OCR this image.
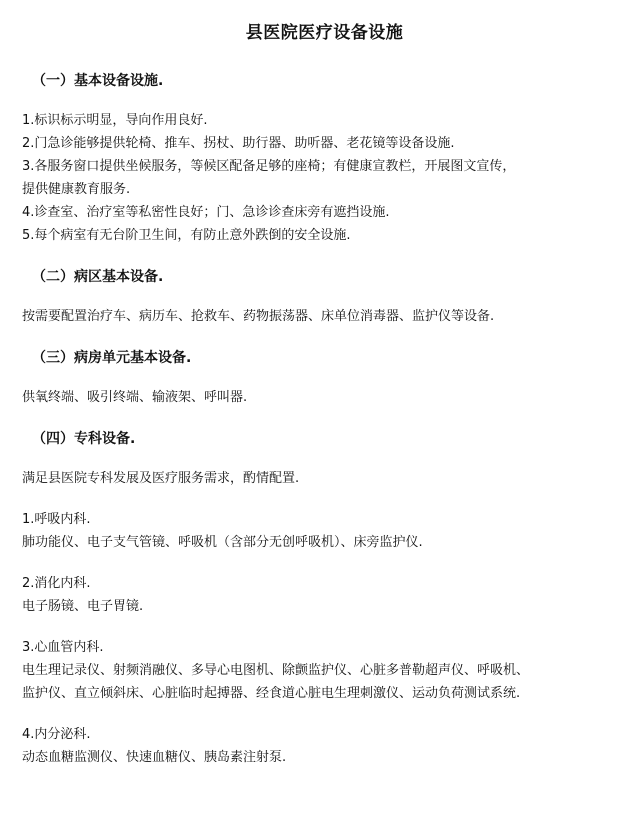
县医院医疗设备设施
（一）基本设备设施.

1.标识标示明显，导向作用良好.

2.门急诊能够提供轮椅、推车、拐杖、助行器、助听器、老花镜等设备设施.

3.各服务窗口提供坐候服务，等候区配备足够的座椅；有健康宣教栏，开展图文宣传，

提供健康教育服务.

4.诊查室、治疗室等私密性良好；门、急诊诊查床旁有遮挡设施.

5.每个病室有无台阶卫生间，有防止意外跌倒的安全设施.

（二）病区基本设备.

按需要配置治疗车、病历车、抢救车、药物振荡器、床单位消毒器、监护仪等设备.

（三）病房单元基本设备.

供氧终端、吸引终端、输液架、呼叫器.

（四）专科设备.

满足县医院专科发展及医疗服务需求，酌情配置.

1.呼吸内科.

肺功能仪、电子支气管镜、呼吸机（含部分无创呼吸机）、床旁监护仪.

2.消化内科.

电子肠镜、电子胃镜.

3.心血管内科.

电生理记录仪、射频消融仪、多导心电图机、除颤监护仪、心脏多普勒超声仪、呼吸机、

监护仪、直立倾斜床、心脏临时起搏器、经食道心脏电生理刺激仪、运动负荷测试系统.

4.内分泌科.

动态血糖监测仪、快速血糖仪、胰岛素注射泵.
